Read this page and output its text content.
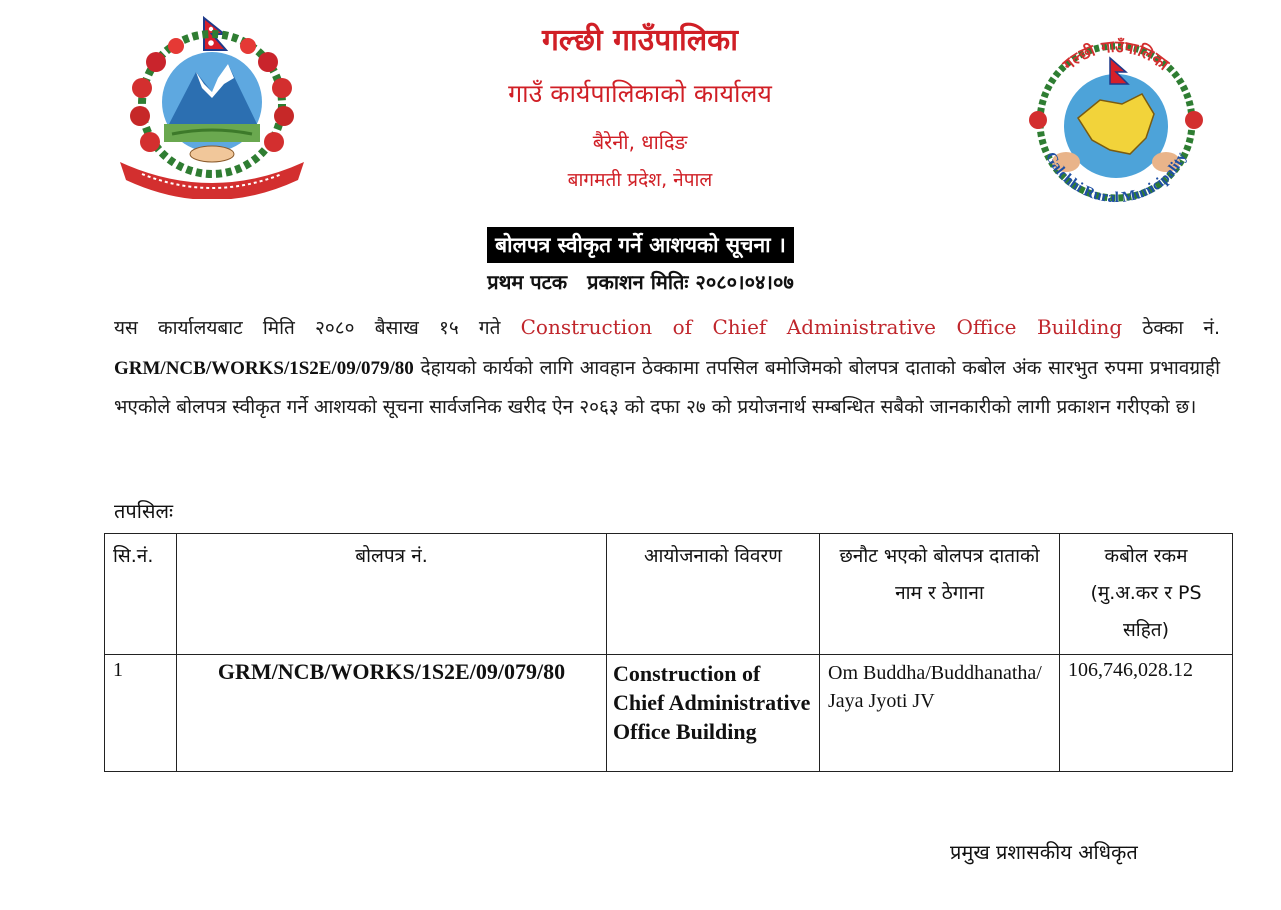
गल्छी गाउँपालिका
गाउँ कार्यपालिकाको कार्यालय
बैरेनी, धादिङ
बागमती प्रदेश, नेपाल
गल्छी गाउँपालिका
Galchhi Rural Municipality
बोलपत्र स्वीकृत गर्ने आशयको सूचना ।
प्रथम पटक प्रकाशन मितिः २०८०।०४।०७

यस कार्यालयबाट मिति २०८० बैसाख १५ गते Construction of Chief Administrative Office Building ठेक्का नं. GRM/NCB/WORKS/1S2E/09/079/80 देहायको कार्यको लागि आवहान ठेक्कामा तपसिल बमोजिमको बोलपत्र दाताको कबोल अंक सारभुत रुपमा प्रभावग्राही भएकोले बोलपत्र स्वीकृत गर्ने आशयको सूचना सार्वजनिक खरीद ऐन २०६३ को दफा २७ को प्रयोजनार्थ सम्बन्धित सबैको जानकारीको लागी प्रकाशन गरीएको छ।

तपसिलः
सि.नं.	बोलपत्र नं.	आयोजनाको विवरण	छनौट भएको बोलपत्र दाताको नाम र ठेगाना	कबोल रकम (मु.अ.कर र PS सहित)
1	GRM/NCB/WORKS/1S2E/09/079/80	Construction of Chief Administrative Office Building	Om Buddha/Buddhanatha/ Jaya Jyoti JV	106,746,028.12
प्रमुख प्रशासकीय अधिकृत
